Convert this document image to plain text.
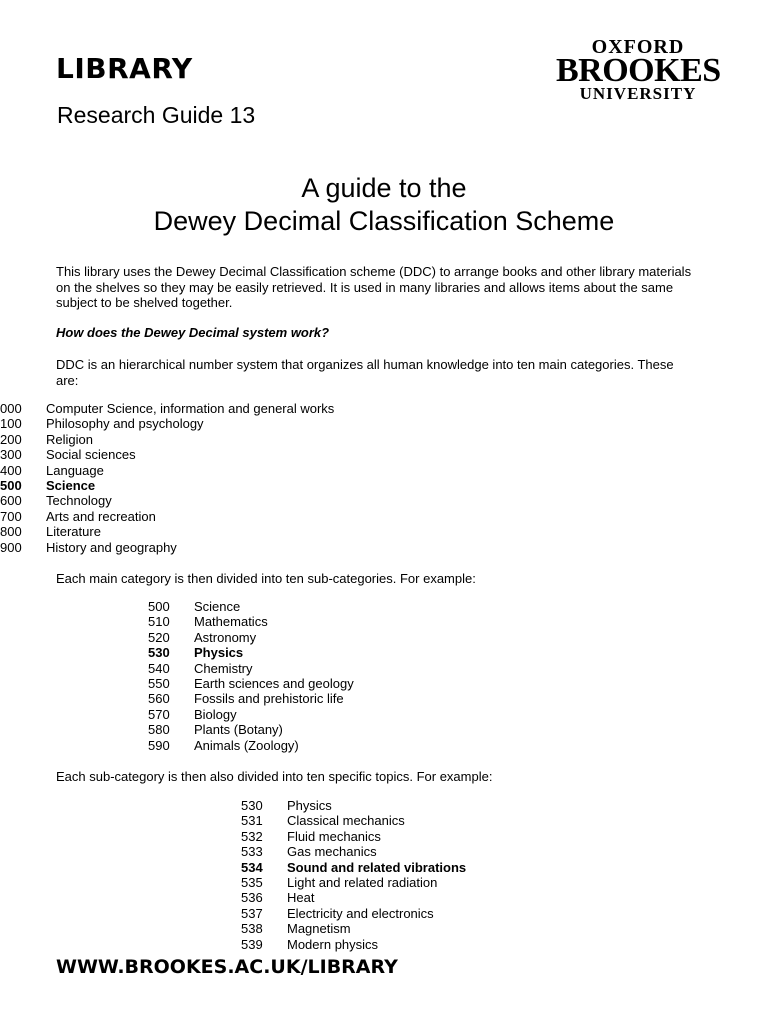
LIBRARY
Research Guide 13
OXFORD
BROOKES
UNIVERSITY
A guide to the
Dewey Decimal Classification Scheme
This library uses the Dewey Decimal Classification scheme (DDC) to arrange books and other library materials on the shelves so they may be easily retrieved. It is used in many libraries and allows items about the same subject to be shelved together.
How does the Dewey Decimal system work?
DDC is an hierarchical number system that organizes all human knowledge into ten main categories. These are:
000	Computer Science, information and general works
100	Philosophy and psychology
200	Religion
300	Social sciences
400	Language
500	Science
600	Technology
700	Arts and recreation
800	Literature
900	History and geography
Each main category is then divided into ten sub-categories. For example:
500	Science
510	Mathematics
520	Astronomy
530	Physics
540	Chemistry
550	Earth sciences and geology
560	Fossils and prehistoric life
570	Biology
580	Plants (Botany)
590	Animals (Zoology)
Each sub-category is then also divided into ten specific topics. For example:
530	Physics
531	Classical mechanics
532	Fluid mechanics
533	Gas mechanics
534	Sound and related vibrations
535	Light and related radiation
536	Heat
537	Electricity and electronics
538	Magnetism
539	Modern physics
WWW.BROOKES.AC.UK/LIBRARY
